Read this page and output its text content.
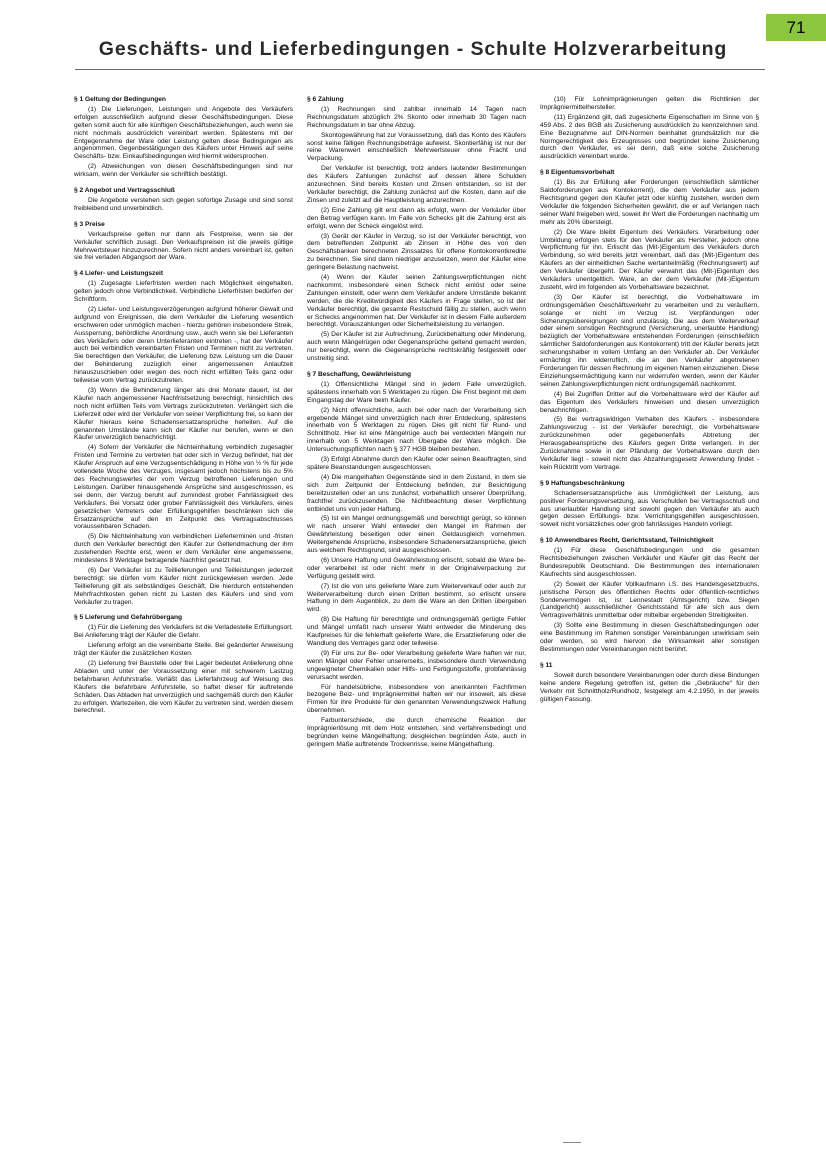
71
Geschäfts- und Lieferbedingungen - Schulte Holzverarbeitung
§ 1 Geltung der Bedingungen

(1) Die Lieferungen, Leistungen und Angebote des Verkäufers erfolgen ausschließlich aufgrund dieser Geschäftsbedingungen. Diese gelten somit auch für alle künftigen Geschäftsbeziehungen, auch wenn sie nicht nochmals ausdrücklich vereinbart werden. Spätestens mit der Entgegennahme der Ware oder Leistung gelten diese Bedingungen als angenommen. Gegenbestätigungen des Käufers unter Hinweis auf seine Geschäfts- bzw. Einkaufsbedingungen wird hiermit widersprochen.

(2) Abweichungen von diesen Geschäftsbedingungen sind nur wirksam, wenn der Verkäufer sie schriftlich bestätigt.

§ 2 Angebot und Vertragsschluß

Die Angebote verstehen sich gegen sofortige Zusage und sind sonst freibleibend und unverbindlich.

§ 3 Preise

Verkaufspreise gelten nur dann als Festpreise, wenn sie der Verkäufer schriftlich zusagt. Den Verkaufspreisen ist die jeweils gültige Mehrwertsteuer hinzuzurechnen. Sofern nicht anders vereinbart ist, gelten sie frei verladen Abgangsort der Ware.

§ 4 Liefer- und Leistungszeit

(1) Zugesagte Lieferfristen werden nach Möglichkeit eingehalten, gelten jedoch ohne Verbindlichkeit. Verbindliche Lieferfristen bedürfen der Schriftform.

(2) Liefer- und Leistungsverzögerungen aufgrund höherer Gewalt und aufgrund von Ereignissen, die dem Verkäufer die Lieferung wesentlich erschweren oder unmöglich machen - hierzu gehören insbesondere Streik, Aussperrung, behördliche Anordnung usw., auch wenn sie bei Lieferanten des Verkäufers oder deren Unterlieferanten eintreten -, hat der Verkäufer auch bei verbindlich vereinbarten Fristen und Terminen nicht zu vertreten. Sie berechtigen den Verkäufer, die Lieferung bzw. Leistung um die Dauer der Behinderung zuzüglich einer angemessenen Anlaufzeit hinauszuschieben oder wegen des noch nicht erfüllten Teils ganz oder teilweise vom Vertrag zurückzutreten.

(3) Wenn die Behinderung länger als drei Monate dauert, ist der Käufer nach angemessener Nachfristsetzung berechtigt, hinsichtlich des noch nicht erfüllten Teils vom Vertrags zurückzutreten. Verlängert sich die Lieferzeit oder wird der Verkäufer von seiner Verpflichtung frei, so kann der Käufer hieraus keine Schadensersatzansprüche herleiten. Auf die genannten Umstände kann sich der Käufer nur berufen, wenn er den Käufer unverzüglich benachrichtigt.

(4) Sofern der Verkäufer die Nichteinhaltung verbindlich zugesagter Fristen und Termine zu vertreten hat oder sich in Verzug befindet, hat der Käufer Anspruch auf eine Verzugsentschädigung in Höhe von ½ % für jede vollendete Woche des Verzuges, insgesamt jedoch höchstens bis zu 5% des Rechnungswertes der vom Verzug betroffenen Lieferungen und Leistungen. Darüber hinausgehende Ansprüche sind ausgeschlossen, es sei denn, der Verzug beruht auf zumindest grober Fahrlässigkeit des Verkäufers. Bei Vorsatz oder grober Fahrlässigkeit des Verkäufers, eines gesetzlichen Vertreters oder Erfüllungsgehilfen beschränken sich die Ersatzansprüche auf den im Zeitpunkt des Vertragsabschlusses voraussehbaren Schaden.

(5) Die Nichteinhaltung von verbindlichen Lieferterminen und -fristen durch den Verkäufer berechtigt den Käufer zur Geltendmachung der ihm zustehenden Rechte erst, wenn er dem Verkäufer eine angemessene, mindestens 8 Werktage betragende Nachfrist gesetzt hat.

(6) Der Verkäufer ist zu Teillieferungen und Teilleistungen jederzeit berechtigt; sie dürfen vom Käufer nicht zurückgewiesen werden. Jede Teillieferung gilt als selbständiges Geschäft. Die hierdurch entstehenden Mehrfrachtkosten gehen nicht zu Lasten des Käufers und sind vom Verkäufer zu tragen.

§ 5 Lieferung und Gefahrübergang

(1) Für die Lieferung des Verkäufers ist die Verladestelle Erfüllungsort. Bei Anlieferung trägt der Käufer die Gefahr.

Lieferung erfolgt an die vereinbarte Stelle. Bei geänderter Anweisung trägt der Käufer die zusätzlichen Kosten.

(2) Lieferung frei Baustelle oder frei Lager bedeutet Anlieferung ohne Abladen und unter der Voraussetzung einer mit schwerem Lastzug befahrbaren Anfuhrstraße. Verläßt das Lieferfahrzeug auf Weisung des Käufers die befahrbare Anfuhrstelle, so haftet dieser für auftretende Schäden. Das Abladen hat unverzüglich und sachgemäß durch den Käufer zu erfolgen. Wartezeiten, die vom Käufer zu vertreten sind, werden diesem berechnet.

§ 6 Zahlung

(1) Rechnungen sind zahlbar innerhalb 14 Tagen nach Rechnungsdatum abzüglich 2% Skonto oder innerhalb 30 Tagen nach Rechnungsdatum in bar ohne Abzug.

Skontogewährung hat zur Voraussetzung, daß das Konto des Käufers sonst keine fälligen Rechnungsbeträge aufweist. Skontierfähig ist nur der reine Warenwert einschließlich Mehrwertsteuer ohne Fracht und Verpackung.

Der Verkäufer ist berechtigt, trotz anders lautender Bestimmungen des Käufers Zahlungen zunächst auf dessen ältere Schulden anzurechnen. Sind bereits Kosten und Zinsen entstanden, so ist der Verkäufer berechtigt, die Zahlung zunächst auf die Kosten, dann auf die Zinsen und zuletzt auf die Hauptleistung anzurechnen.

(2) Eine Zahlung gilt erst dann als erfolgt, wenn der Verkäufer über den Betrag verfügen kann. Im Falle von Schecks gilt die Zahlung erst als erfolgt, wenn der Scheck eingelöst wird.

(3) Gerät der Käufer in Verzug, so ist der Verkäufer berechtigt, von dem betreffenden Zeitpunkt ab Zinsen in Höhe des von den Geschäftsbanken berechneten Zinssatzes für offene Kontokorrentkredite zu berechnen. Sie sind dann niedriger anzusetzen, wenn der Käufer eine geringere Belastung nachweist.

(4) Wenn der Käufer seinen Zahlungsverpflichtungen nicht nachkommt, insbesondere einen Scheck nicht einlöst oder seine Zahlungen einstellt, oder wenn dem Verkäufer andere Umstände bekannt werden, die die Kreditwürdigkeit des Käufers in Frage stellen, so ist der Verkäufer berechtigt, die gesamte Restschuld fällig zu stellen, auch wenn er Schecks angenommen hat. Der Verkäufer ist in diesem Falle außerdem berechtigt. Vorauszahlungen oder Sicherheitsleistung zu verlangen.

(5) Der Käufer ist zur Aufrechnung, Zurückbehaltung oder Minderung, auch wenn Mängelrügen oder Gegenansprüche geltend gemacht werden, nur berechtigt, wenn die Gegenansprüche rechtskräftig festgestellt oder unstreitig sind.

§ 7 Beschaffung, Gewährleistung

(1) Offensichtliche Mängel sind in jedem Falle unverzüglich, spätestens innerhalb von 5 Werktagen zu rügen. Die Frist beginnt mit dem Eingangstag der Ware beim Käufer.

(2) Nicht offensichtliche, auch bei oder nach der Verarbeitung sich ergebende Mängel sind unverzüglich nach ihrer Entdeckung, spätestens innerhalb von 5 Werktagen zu rügen. Dies gilt nicht für Rund- und Schnittholz. Hier ist eine Mängelrüge auch bei verdeckten Mängeln nur innerhalb von 5 Werktagen nach Übergabe der Ware möglich. Die Untersuchungspflichten nach § 377 HGB bleiben bestehen.

(3) Erfolgt Abnahme durch den Käufer oder seinen Beauftragten, sind spätere Beanstandungen ausgeschlossen.

(4) Die mangelhaften Gegenstände sind in dem Zustand, in dem sie sich zum Zeitpunkt der Entdeckung befinden, zur Besichtigung bereitzustellen oder an uns zunächst, vorbehaltlich unserer Überprüfung, frachtfrei zurückzusenden. Die Nichtbeachtung dieser Verpflichtung entbindet uns von jeder Haftung.

(5) Ist ein Mangel ordnungsgemäß und berechtigt gerügt, so können wir nach unserer Wahl entweder den Mangel im Rahmen der Gewährleistung beseitigen oder einen Geldausgleich vornehmen. Weitergehende Ansprüche, insbesondere Schadenersatzansprüche, gleich aus welchem Rechtsgrund, sind ausgeschlossen.

(6) Unsere Haftung und Gewährleistung erlischt, sobald die Ware be- oder verarbeitet ist oder nicht mehr in der Originalverpackung zur Verfügung gestellt wird.

(7) Ist die von uns gelieferte Ware zum Weiterverkauf oder auch zur Weiterverarbeitung durch einen Dritten bestimmt, so erlischt unsere Haftung in dem Augenblick, zu dem die Ware an den Dritten übergeben wird.

(8) Die Haftung für berechtigte und ordnungsgemäß gerügte Fehler und Mängel umfaßt nach unserer Wahl entweder die Minderung des Kaufpreises für die fehlerhaft gelieferte Ware, die Ersatzlieferung oder die Wandlung des Vertrages ganz oder teilweise.

(9) Für uns zur Be- oder Verarbeitung gelieferte Ware haften wir nur, wenn Mängel oder Fehler unsererseits, insbesondere durch Verwendung ungeeigneter Chemikalien oder Hilfs- und Fertigungsstoffe, grobfahrlässig verursacht werden.

Für handelsübliche, insbesondere von anerkannten Fachfirmen bezogene Beiz- und Imprägniermittel haften wir nur insoweit, als diese Firmen für ihre Produkte für den genannten Verwendungszweck Haftung übernehmen.

Farbunterschiede, die durch chemische Reaktion der Imprägnierlösung mit dem Holz entstehen, sind verfahrensbedingt und begründen keine Mängelhaftung; desgleichen begründen Äste, auch in geringem Maße auftretende Trockenrisse, keine Mängelhaftung.

(10) Für Lohnimprägnierungen gelten die Richtlinien der Imprägniermittelhersteller.

(11) Ergänzend gilt, daß zugesicherte Eigenschaften im Sinne von § 459 Abs. 2 des BGB als Zusicherung ausdrücklich zu kennzeichnen sind. Eine Bezugnahme auf DIN-Normen beinhaltet grundsätzlich nur die Normgerechtigkeit des Erzeugnisses und begründet keine Zusicherung durch den Verkäufer, es sei denn, daß eine solche Zusicherung ausdrücklich vereinbart wurde.

§ 8 Eigentumsvorbehalt

(1) Bis zur Erfüllung aller Forderungen (einschließlich sämtlicher Saldoforderungen aus Kontokorrent), die dem Verkäufer aus jedem Rechtsgrund gegen den Käufer jetzt oder künftig zustehen, werden dem Verkäufer die folgenden Sicherheiten gewährt, die er auf Verlangen nach seiner Wahl freigeben wird, soweit ihr Wert die Forderungen nachhaltig um mehr als 20% übersteigt.

(2) Die Ware bleibt Eigentum des Verkäufers. Verarbeitung oder Umbildung erfolgen stets für den Verkäufer als Hersteller, jedoch ohne Verpflichtung für ihn. Erlischt das (Mit-)Eigentum des Verkäufers durch Verbindung, so wird bereits jetzt vereinbart, daß das (Mit-)Eigentum des Käufers an der einheitlichen Sache wertanteilmäßig (Rechnungswert) auf den Verkäufer übergeht. Der Käufer verwahrt das (Mit-)Eigentum des Verkäufers unentgeltlich. Ware, an der dem Verkäufer (Mit-)Eigentum zusteht, wird im folgenden als Vorbehaltsware bezeichnet.

(3) Der Käufer ist berechtigt, die Vorbehaltsware im ordnungsgemäßen Geschäftsverkehr zu verarbeiten und zu veräußern, solange er nicht im Verzug ist. Verpfändungen oder Sicherungsübereignungen sind unzulässig. Die aus dem Weiterverkauf oder einem sonstigen Rechtsgrund (Versicherung, unerlaubte Handlung) bezüglich der Vorbehaltsware entstehenden Forderungen (einschließlich sämtlicher Saldoforderungen aus Kontokorrent) tritt der Käufer bereits jetzt sicherungshalber in vollem Umfang an den Verkäufer ab. Der Verkäufer ermächtigt ihn widerruflich, die an den Verkäufer abgetretenen Forderungen für dessen Rechnung im eigenen Namen einzuziehen. Diese Einziehungsermächtigung kann nur widerrufen werden, wenn der Käufer seinen Zahlungsverpflichtungen nicht ordnungsgemäß nachkommt.

(4) Bei Zugriffen Dritter auf die Vorbehaltsware wird der Käufer auf das Eigentum des Verkäufers hinweisen und diesen unverzüglich benachrichtigen.

(5) Bei vertragswidrigen Verhalten des Käufers - insbesondere Zahlungsverzug - ist der Verkäufer berechtigt, die Vorbehaltsware zurückzunehmen oder gegebenenfalls Abtretung der Herausgabeansprüche des Käufers gegen Dritte verlangen. In der Zurücknahme sowie in der Pfändung der Vorbehaltsware durch den Verkäufer liegt - soweit nicht das Abzahlungsgesetz Anwendung findet - kein Rücktritt vom Vertrage.

§ 9 Haftungsbeschränkung

Schadensersatzansprüche aus Unmöglichkeit der Leistung, aus positiver Forderungsversetzung, aus Verschulden bei Vertragsschluß und aus unerlaubter Handlung sind sowohl gegen den Verkäufer als auch gegen dessen Erfüllungs- bzw. Verrichtungsgehilfen ausgeschlossen, soweit nicht vorsätzliches oder grob fahrlässiges Handeln vorliegt.

§ 10 Anwendbares Recht, Gerichtsstand, Teilnichtigkeit

(1) Für diese Geschäftsbedingungen und die gesamten Rechtsbeziehungen zwischen Verkäufer und Käufer gilt das Recht der Bundesrepublik Deutschland. Die Bestimmungen des internationalen Kaufrechts sind ausgeschlossen.

(2) Soweit der Käufer Vollkaufmann i.S. des Handelsgesetzbuchs, juristische Person des öffentlichen Rechts oder öffentlich-rechtliches Sondervermögen ist, ist Lennestadt (Amtsgericht) bzw. Siegen (Landgericht) ausschließlicher Gerichtsstand für alle sich aus dem Vertragsverhältnis unmittelbar oder mittelbar ergebenden Streitigkeiten.

(3) Sollte eine Bestimmung in diesen Geschäftsbedingungen oder eine Bestimmung im Rahmen sonstiger Vereinbarungen unwirksam sein oder werden, so wird hiervon die Wirksamkeit aller sonstigen Bestimmungen oder Vereinbarungen nicht berührt.

§ 11

Soweit durch besondere Vereinbarungen oder durch diese Bindungen keine andere Regelung getroffen ist, gelten die „Gebräuche“ für den Verkehr mit Schnittholz/Rundholz, festgelegt am 4.2.1950, in der jeweils gültigen Fassung.
